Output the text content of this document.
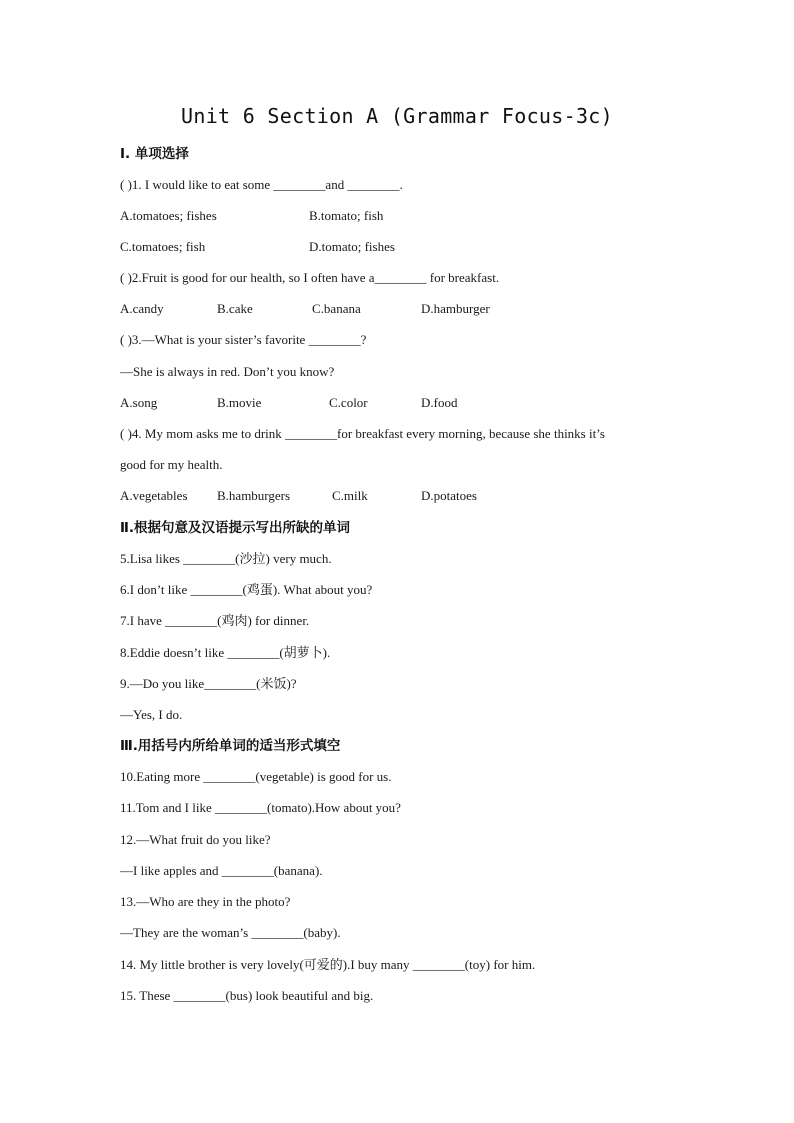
Unit 6 Section A (Grammar Focus-3c)
Ⅰ. 单项选择
( )1. I would like to eat some ________and ________.
A.tomatoes; fishes	B.tomato; fish
C.tomatoes; fish	D.tomato; fishes
( )2.Fruit is good for our health, so I often have a________ for breakfast.
A.candy	B.cake	C.banana	D.hamburger
( )3.—What is your sister’s favorite ________?
—She is always in red. Don’t you know?
A.song	B.movie	C.color	D.food
( )4. My mom asks me to drink ________for breakfast every morning, because she thinks it’s
good for my health.
A.vegetables B.hamburgers	C.milk	D.potatoes
Ⅱ.根据句意及汉语提示写出所缺的单词
5.Lisa likes ________(沙拉) very much.
6.I don’t like ________(鸡蛋). What about you?
7.I have ________(鸡肉) for dinner.
8.Eddie doesn’t like ________(胡萝卜).
9.—Do you like________(米饭)?
—Yes, I do.
Ⅲ.用括号内所给单词的适当形式填空
10.Eating more ________(vegetable) is good for us.
11.Tom and I like ________(tomato).How about you?
12.—What fruit do you like?
—I like apples and ________(banana).
13.—Who are they in the photo?
—They are the woman’s ________(baby).
14. My little brother is very lovely(可爱的).I buy many ________(toy) for him.
15. These ________(bus) look beautiful and big.
